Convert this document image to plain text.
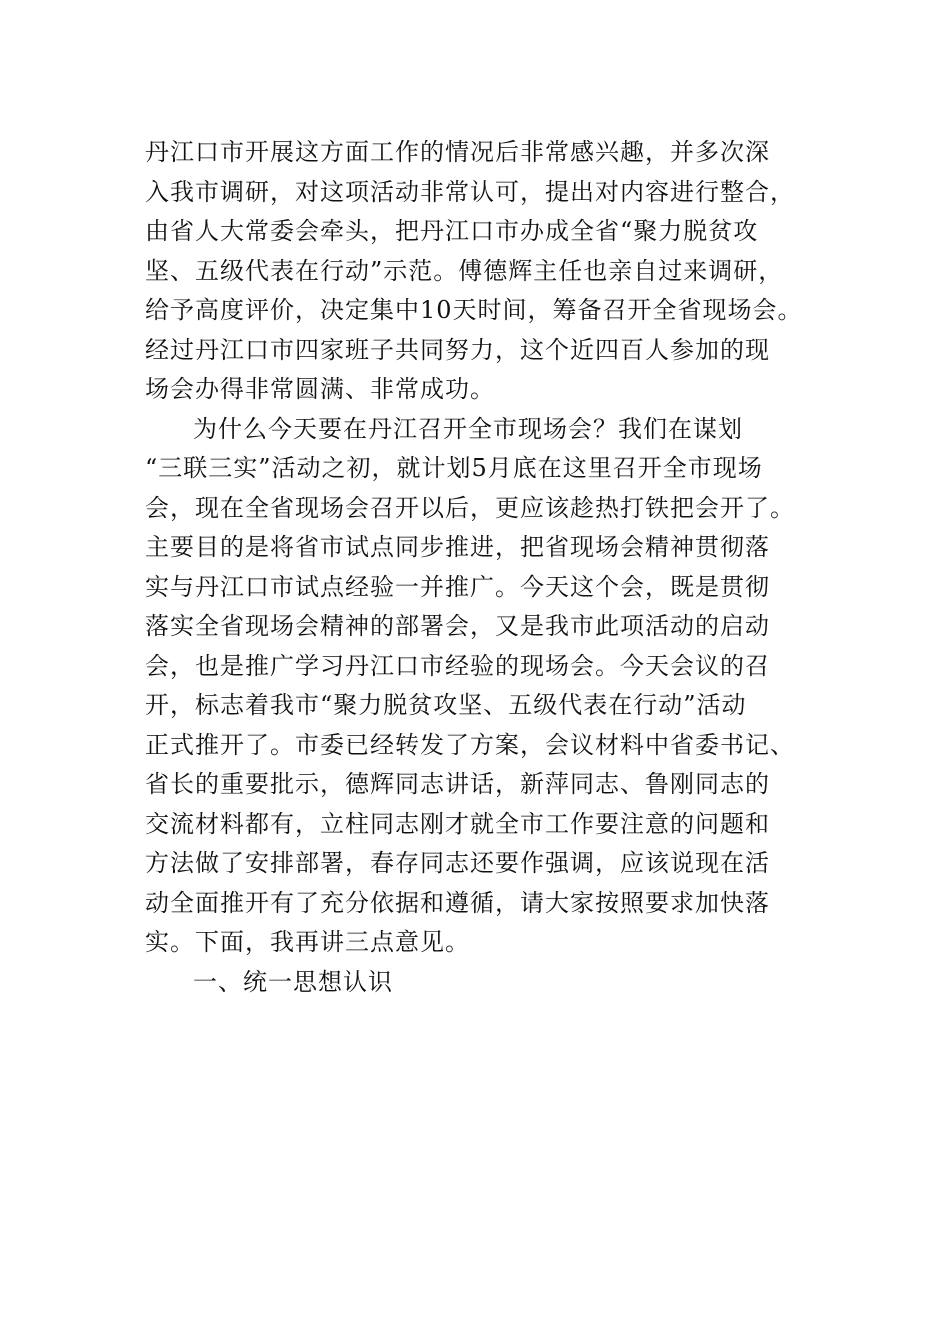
丹江口市开展这方面工作的情况后非常感兴趣，并多次深
入我市调研，对这项活动非常认可，提出对内容进行整合，
由省人大常委会牵头，把丹江口市办成全省“聚力脱贫攻
坚、五级代表在行动”示范。傅德辉主任也亲自过来调研，
给予高度评价，决定集中10天时间，筹备召开全省现场会。
经过丹江口市四家班子共同努力，这个近四百人参加的现
场会办得非常圆满、非常成功。
为什么今天要在丹江召开全市现场会？我们在谋划
“三联三实”活动之初，就计划5月底在这里召开全市现场
会，现在全省现场会召开以后，更应该趁热打铁把会开了。
主要目的是将省市试点同步推进，把省现场会精神贯彻落
实与丹江口市试点经验一并推广。今天这个会，既是贯彻
落实全省现场会精神的部署会，又是我市此项活动的启动
会，也是推广学习丹江口市经验的现场会。今天会议的召
开，标志着我市“聚力脱贫攻坚、五级代表在行动”活动
正式推开了。市委已经转发了方案，会议材料中省委书记、
省长的重要批示，德辉同志讲话，新萍同志、鲁刚同志的
交流材料都有，立柱同志刚才就全市工作要注意的问题和
方法做了安排部署，春存同志还要作强调，应该说现在活
动全面推开有了充分依据和遵循，请大家按照要求加快落
实。下面，我再讲三点意见。
一、统一思想认识
